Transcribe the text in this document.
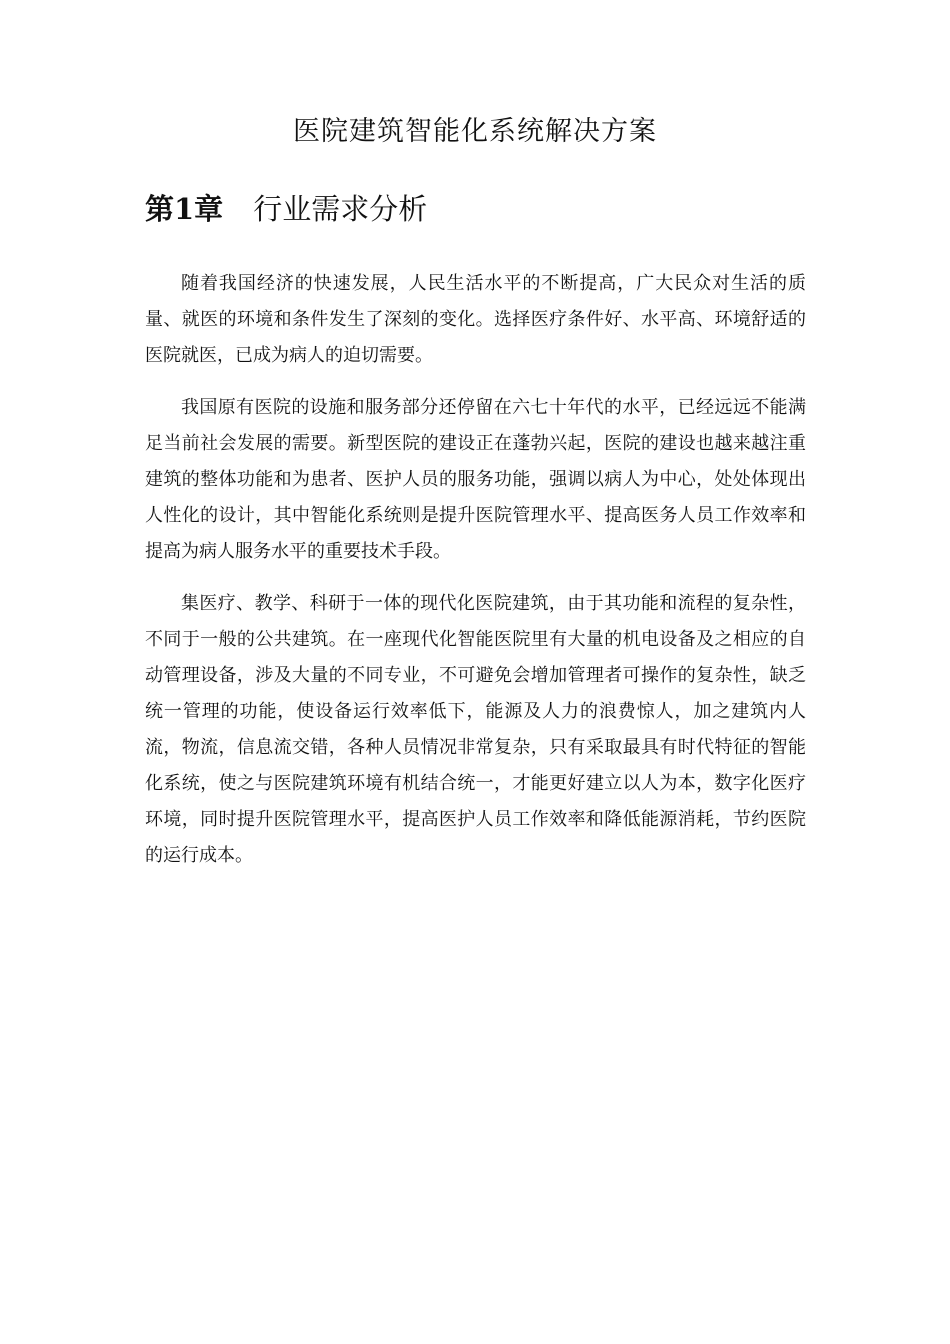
医院建筑智能化系统解决方案
第1章 行业需求分析

随着我国经济的快速发展，人民生活水平的不断提高，广大民众对生活的质量、就医的环境和条件发生了深刻的变化。选择医疗条件好、水平高、环境舒适的医院就医，已成为病人的迫切需要。

我国原有医院的设施和服务部分还停留在六七十年代的水平，已经远远不能满足当前社会发展的需要。新型医院的建设正在蓬勃兴起，医院的建设也越来越注重建筑的整体功能和为患者、医护人员的服务功能，强调以病人为中心，处处体现出人性化的设计，其中智能化系统则是提升医院管理水平、提高医务人员工作效率和提高为病人服务水平的重要技术手段。

集医疗、教学、科研于一体的现代化医院建筑，由于其功能和流程的复杂性，不同于一般的公共建筑。在一座现代化智能医院里有大量的机电设备及之相应的自动管理设备，涉及大量的不同专业，不可避免会增加管理者可操作的复杂性，缺乏统一管理的功能，使设备运行效率低下，能源及人力的浪费惊人，加之建筑内人流，物流，信息流交错，各种人员情况非常复杂，只有采取最具有时代特征的智能化系统，使之与医院建筑环境有机结合统一，才能更好建立以人为本，数字化医疗环境，同时提升医院管理水平，提高医护人员工作效率和降低能源消耗，节约医院的运行成本。
